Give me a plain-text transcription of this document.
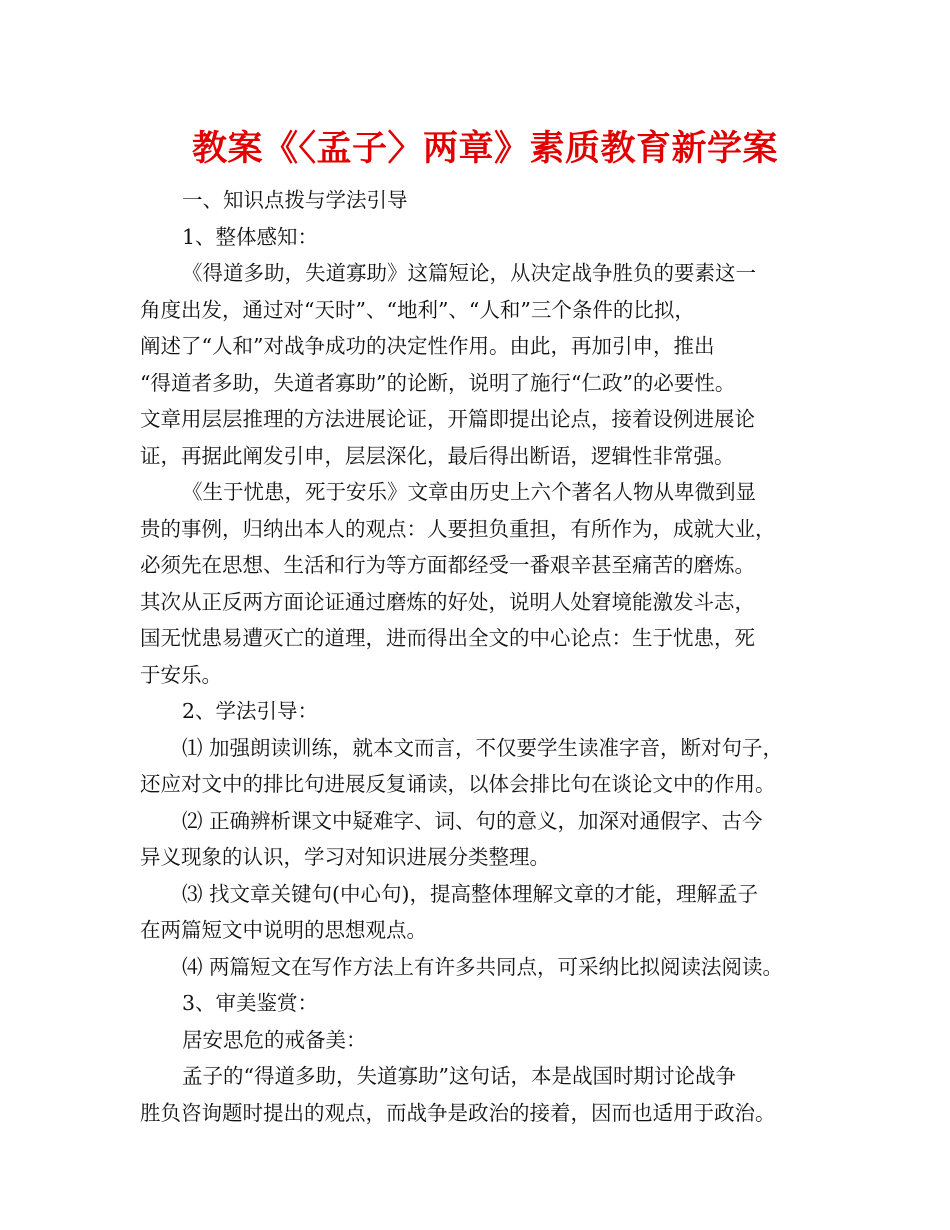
教案《〈孟子〉两章》素质教育新学案
一、知识点拨与学法引导
1、整体感知：
《得道多助，失道寡助》这篇短论，从决定战争胜负的要素这一
角度出发，通过对“天时”、“地利”、“人和”三个条件的比拟，
阐述了“人和”对战争成功的决定性作用。由此，再加引申，推出
“得道者多助，失道者寡助”的论断，说明了施行“仁政”的必要性。
文章用层层推理的方法进展论证，开篇即提出论点，接着设例进展论
证，再据此阐发引申，层层深化，最后得出断语，逻辑性非常强。
《生于忧患，死于安乐》文章由历史上六个著名人物从卑微到显
贵的事例，归纳出本人的观点：人要担负重担，有所作为，成就大业，
必须先在思想、生活和行为等方面都经受一番艰辛甚至痛苦的磨炼。
其次从正反两方面论证通过磨炼的好处，说明人处窘境能激发斗志，
国无忧患易遭灭亡的道理，进而得出全文的中心论点：生于忧患，死
于安乐。
2、学法引导：
⑴ 加强朗读训练，就本文而言，不仅要学生读准字音，断对句子，
还应对文中的排比句进展反复诵读，以体会排比句在谈论文中的作用。
⑵ 正确辨析课文中疑难字、词、句的意义，加深对通假字、古今
异义现象的认识，学习对知识进展分类整理。
⑶ 找文章关键句(中心句)，提高整体理解文章的才能，理解孟子
在两篇短文中说明的思想观点。
⑷ 两篇短文在写作方法上有许多共同点，可采纳比拟阅读法阅读。
3、审美鉴赏：
居安思危的戒备美：
孟子的“得道多助，失道寡助”这句话，本是战国时期讨论战争
胜负咨询题时提出的观点，而战争是政治的接着，因而也适用于政治。
